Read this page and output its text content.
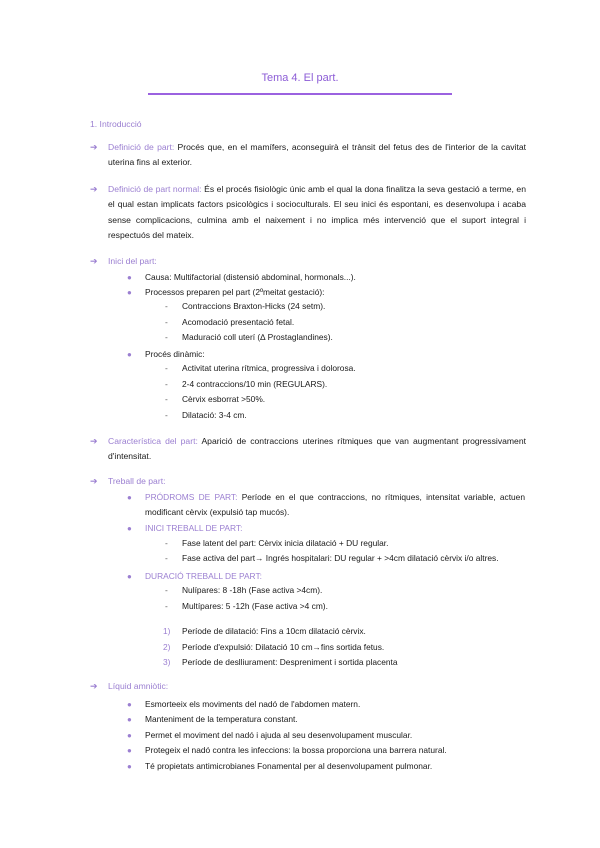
Tema 4. El part.
1. Introducció
➔ Definició de part: Procés que, en el mamífers, aconseguirà el trànsit del fetus des de l'interior de la cavitat uterina fins al exterior.
➔ Definició de part normal: És el procés fisiològic únic amb el qual la dona finalitza la seva gestació a terme, en el qual estan implicats factors psicològics i socioculturals. El seu inici és espontani, es desenvolupa i acaba sense complicacions, culmina amb el naixement i no implica més intervenció que el suport integral i respectuós del mateix.
➔ Inici del part:
● Causa: Multifactorial (distensió abdominal, hormonals...).
● Processos preparen pel part (2ºmeitat gestació):
- Contraccions Braxton-Hicks (24 setm).
- Acomodació presentació fetal.
- Maduració coll uterí (∆ Prostaglandines).
● Procés dinàmic:
- Activitat uterina rítmica, progressiva i dolorosa.
- 2-4 contraccions/10 min (REGULARS).
- Cèrvix esborrat >50%.
- Dilatació: 3-4 cm.
➔ Característica del part: Aparició de contraccions uterines rítmiques que van augmentant progressivament d'intensitat.
➔ Treball de part:
● PRÓDROMS DE PART: Període en el que contraccions, no rítmiques, intensitat variable, actuen modificant cèrvix (expulsió tap mucós).
● INICI TREBALL DE PART:
- Fase latent del part: Cèrvix inicia dilatació + DU regular.
- Fase activa del part→ Ingrés hospitalari: DU regular + >4cm dilatació cèrvix i/o altres.
● DURACIÓ TREBALL DE PART:
- Nulípares: 8 -18h (Fase activa >4cm).
- Multípares: 5 -12h (Fase activa >4 cm).
1) Període de dilatació: Fins a 10cm dilatació cèrvix.
2) Període d'expulsió: Dilatació 10 cm→fins sortida fetus.
3) Període de deslliurament: Despreniment i sortida placenta
➔ Líquid amniòtic:
● Esmorteeix els moviments del nadó de l'abdomen matern.
● Manteniment de la temperatura constant.
● Permet el moviment del nadó i ajuda al seu desenvolupament muscular.
● Protegeix el nadó contra les infeccions: la bossa proporciona una barrera natural.
● Té propietats antimicrobianes Fonamental per al desenvolupament pulmonar.
